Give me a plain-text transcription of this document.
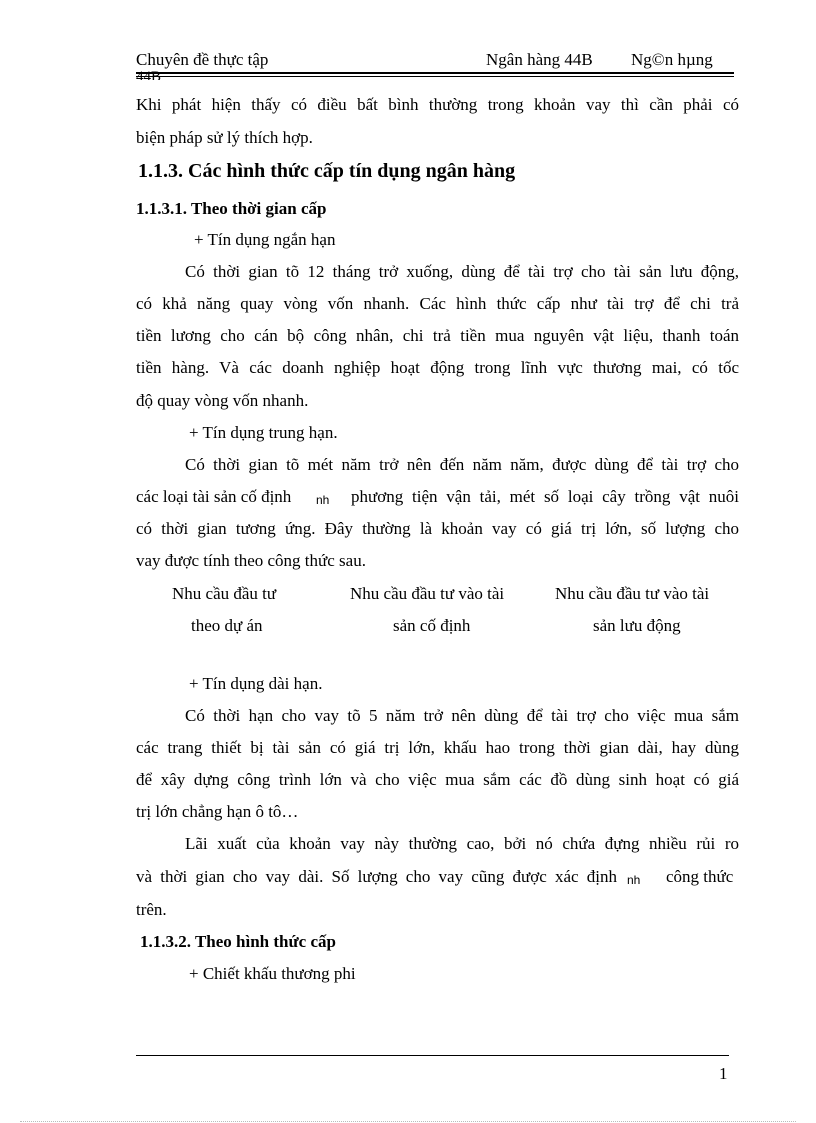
Chuyên đề thực tập	Ngân hàng 44B Ng©n hµng
44B
Khi phát hiện thấy có điều bất bình thường trong khoản vay thì cần phải có
biện pháp sử lý thích hợp.
1.1.3. Các hình thức cấp tín dụng ngân hàng
1.1.3.1. Theo thời gian cấp
+ Tín dụng ngắn hạn
Có thời gian tõ 12 tháng trở xuống, dùng để tài trợ cho tài sản lưu động,
có khả năng quay vòng vốn nhanh. Các hình thức cấp như tài trợ để chi trả
tiền lương cho cán bộ công nhân, chi trả tiền mua nguyên vật liệu, thanh toán
tiền hàng. Và các doanh nghiệp hoạt động trong lĩnh vực thương mai, có tốc
độ quay vòng vốn nhanh.
+ Tín dụng trung hạn.
Có thời gian tõ mét năm trở nên đến năm năm, được dùng để tài trợ cho
các loại tài sản cố định nh phương tiện vận tải, mét số loại cây trồng vật nuôi
có thời gian tương ứng. Đây thường là khoản vay có giá trị lớn, số lượng cho
vay được tính theo công thức sau.
Nhu cầu đầu tư
theo dự án
Nhu cầu đầu tư vào tài
sản cố định
Nhu cầu đầu tư vào tài
sản lưu động
+ Tín dụng dài hạn.
Có thời hạn cho vay tõ 5 năm trở nên dùng để tài trợ cho việc mua sắm
các trang thiết bị tài sản có giá trị lớn, khấu hao trong thời gian dài, hay dùng
để xây dựng công trình lớn và cho việc mua sắm các đồ dùng sinh hoạt có giá
trị lớn chẳng hạn ô tô…
Lãi xuất của khoản vay này thường cao, bởi nó chứa đựng nhiều rủi ro
và thời gian cho vay dài. Số lượng cho vay cũng được xác định nh công thức
trên.
1.1.3.2. Theo hình thức cấp
+ Chiết khấu thương phi
1
